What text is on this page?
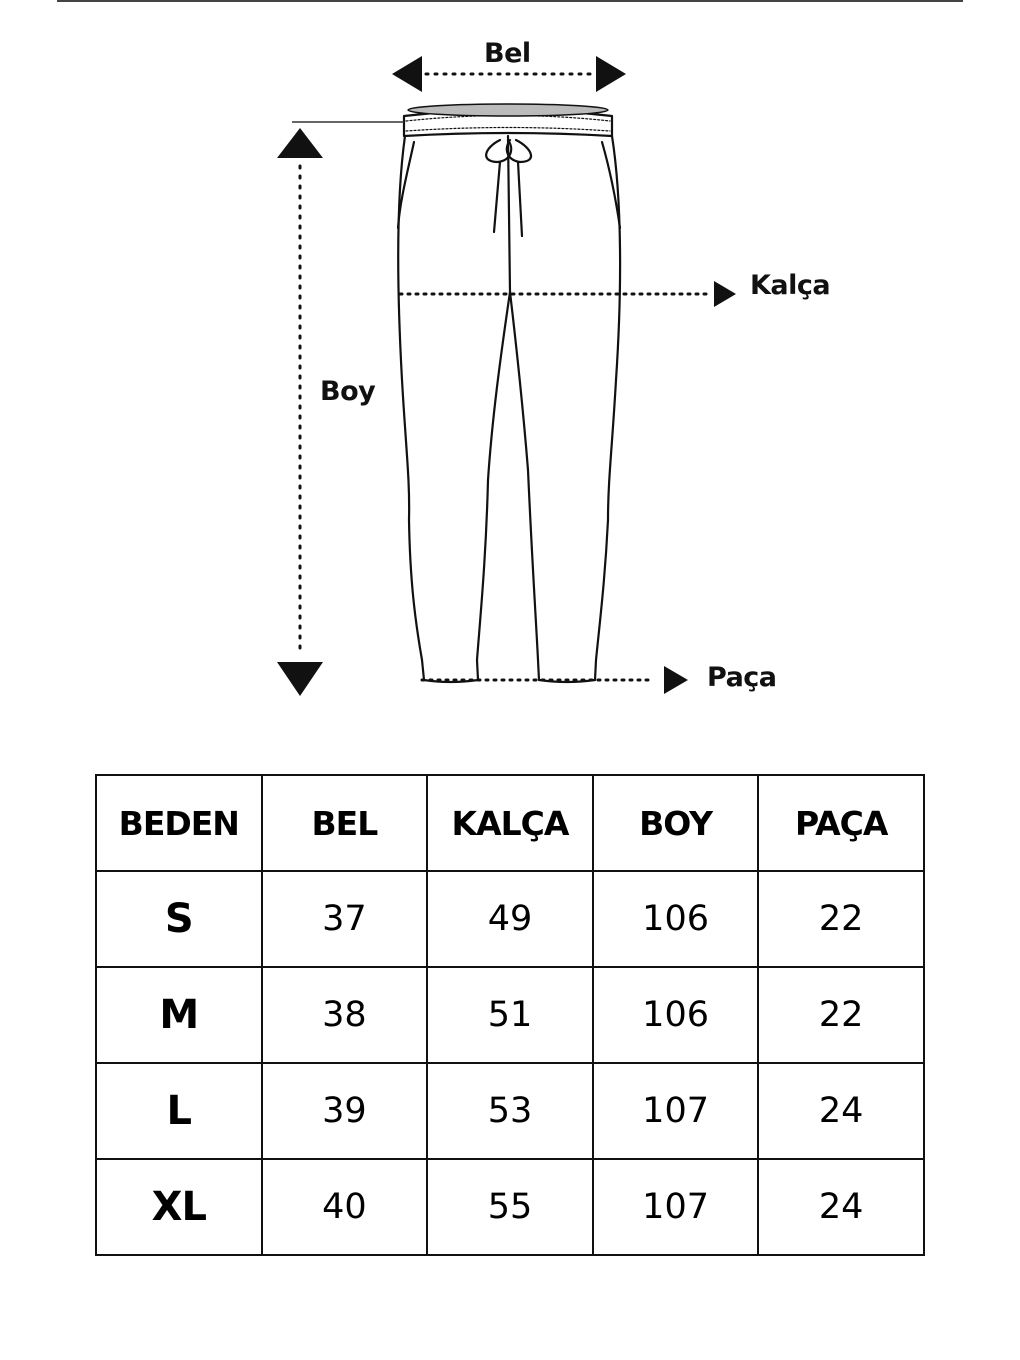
Bel
Kalça
Boy
Paça
BEDEN	BEL	KALÇA	BOY	PAÇA
S	37	49	106	22
M	38	51	106	22
L	39	53	107	24
XL	40	55	107	24
